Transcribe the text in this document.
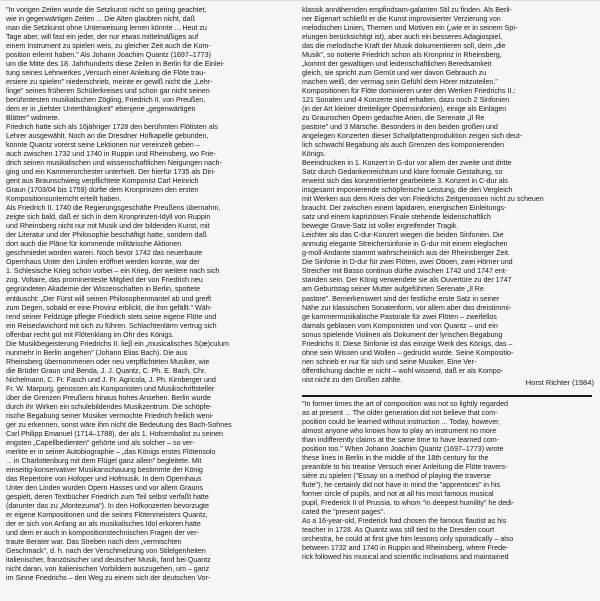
"In vorigen Zeiten wurde die Setzkunst nicht so gering geachtet,
wie in gegenwärtigen Zeiten ... Die Alten glaubten nicht, daß
man die Setzkunst ohne Unterweisung lernen könnte ... Heut zu
Tage aber, will fast ein jeder, der nur etwas mittelmäßiges auf
einem Instrument zu spielen weis, zu gleicher Zeit auch die Kom-
position erlernt haben." Als Johann Joachim Quantz (1697–1773)
um die Mitte des 18. Jahrhunderts diese Zeilen in Berlin für die Einlei-
tung seines Lehrwerkes „Versuch einer Anleitung die Flöte trau-
ersiere zu spielen" niederschrieb, meinte er gewiß nicht die „Lehr-
linge" seines früheren Schülerkreises und schon gar nicht seinen
berühmtesten musikalischen Zögling, Friedrich II. von Preußen,
dem er in „tiefster Unterthänigkeit" ebenjene „gegenwärtigen
Blätter" widmete.
Friedrich hatte sich als 16jähriger 1728 den berühmten Flötisten als
Lehrer ausgewählt. Noch an die Dresdner Hofkapelle gebunden,
konnte Quantz vorerst seine Lektionen nur vereinzelt geben –
auch zwischen 1732 und 1740 in Ruppin und Rheinsberg, wo Frie-
drich seinen musikalischen und wissenschaftlichen Neigungen nach-
ging und ein Kammerorchester unterhielt. Der hierfür 1735 als Diri-
gent aus Braunschweig verpflichtete Komponist Carl Heinrich
Graun (1703/04 bis 1759) dürfte dem Kronprinzen den ersten
Kompositionsunterricht erteilt haben.
Als Friedrich II. 1740 die Regierungsgeschäfte Preußens übernahm,
zeigte sich bald, daß er sich in dem Kronprinzen-Idyll von Ruppin
und Rheinsberg nicht nur mit Musik und der bildenden Kunst, mit
der Literatur und der Philosophie beschäftigt hatte, sondern daß
dort auch die Pläne für kommende militärische Aktionen
geschmiedet worden waren. Noch bevor 1742 das neuerbaute
Opernhaus Unter den Linden eröffnet werden konnte, war der
1. Schlesische Krieg schon vorbei – ein Krieg, der weitere nach sich
zog. Voltaire, das prominenteste Mitglied der von Friedrich neu
gegründeten Akademie der Wissenschaften in Berlin, spottete
entäuscht: „Der Fürst will seinen Philosophenmantel ab und greift
zum Degen, sobald er eine Provinz erblickt, die ihm gefällt." Wäh-
rend seiner Feldzüge pflegte Friedrich stets seine eigene Flöte und
ein Reiseclavichord mit sich zu führen. Schlachtenlärm vertrug sich
offenbar recht gut mit Flötenklang im Ohr des Königs.
Die Musikbegeisterung Friedrichs II. lieβ ein „musicalisches S(æ)culum
nunmehr in Berlin angehen" (Johann Elias Bach). Die aus
Rheinsberg übernommenen oder neu verpflichteten Musiker, wie
die Brüder Graun und Benda, J. J. Quantz, C. Ph. E. Bach, Chr.
Nichelmann, C. Fr. Fasch und J. Fr. Agricola, J. Ph. Kirnberger und
Fr. W. Marpurg, genossen als Komponisten und Musikschriftsteller
über die Grenzen Preußens hinaus hohes Ansehen. Berlin wurde
durch ihr Wirken ein schulebildendes Musikzentrum. Die schöpfe-
rische Begabung seiner Musiker vermochte Friedrich freilich weni-
ger zu erkennen, sonst wäre ihm nicht die Bedeutung des Bach-Sohnes
Carl Philipp Emanuel (1714–1788), der als 1. Hofcembalist zu seinen
engsten „Capellbedienten" gehörte und als solcher – so ver-
merkte er in seiner Autobiographie – „das Königs erstes Flötensolo
... in Charlottenburg mit dem Flügel ganz allein" begleitete. Mit
einseitig-konservativer Musikanschauung bestimmte der König
das Repertoire von Hofoper und Hofmusik. In dem Opernhaus
Unter den Linden wurden Opern Hasses und vor allem Grauns
gespielt, deren Textbücher Friedrich zum Teil selbst verfaßt hatte
(darunter das zu „Montezuma"). In den Hofkonzerten bevorzugte
er eigene Kompositionen und die seines Flötenmeisters Quantz,
der er sich von Anfang an als musikalisches Idol erkoren hatte
und dem er auch in kompositionstechnischen Fragen der ver-
traute Berater war. Das Streben nach dem „vermischten
Geschmack", d. h. nach der Verschmelzung von Stilelgenheiten
italienischer, französischer und deutscher Musik, fand bei Quantz
nicht daran, von italienischen Vorbildern auszugehen, um – ganz
im Sinne Friedrichs – den Weg zu einem sich der deutschen Vor-

klassik annähernden empfindsam-galanten Stil zu finden. Als Berli-
ner Eigenart schließt er die Kunst improvisierter Verzierung von
melodischen Linien, Themen und Motiven ein („wie er in seinem Spi-
elungen berücksichtigt ist), aber auch ein besseres Adagiospiel,
das die melodische Kraft der Musik dokumentieren soll, dem „die
Musik", so notierte Friedrich schon als Kronprinz in Rheinsberg,
„kommt der gewaltigen und leidenschaftlichen Beredsamkeit
gleich, sie spricht zum Gemüt und wer davon Gebrauch zu
machen weiß, der vermag sein Gefühl dem Hörer mitzuteilen."
Kompositionen für Flöte dominieren unter den Werken Friedrichs II.:
121 Sonaten und 4 Konzerte sind erhalten, dazu noch 2 Sinfonien
(in der Art kleiner dreiteiliger Opernsinfonien), einige als Einlagen
zu Graunschen Opern gedachte Arien, die Serenate „Il Re
pastore" und 3 Märsche. Besonders in den beiden großen und
angelegen Konzerten dieser Schallplattenproduktion zeigen sich deut-
lich schwachl Begabung als auch Grenzen des komponierenden
Königs.
Beeindrucken in 1. Konzert in G-dur vor allem der zweite und dritte
Satz durch Gedankenreichtum und klare formale Gestaltung, so
erweist sich das konzentrierter gearbeitete 3. Konzert in C-dur als
insgesamt imponierende schöpferische Leistung, die den Vergleich
mit Werken aus dem Kreis der von Friedrichs Zeitgenossen nicht zu scheuen
braucht. Der zwischen einem lapidaren, energischen Einleitungs-
satz und einem kapriziösen Finale stehende leidenschaftlich
bewegte Grave-Satz ist voller ergreifender Tragik.
Leichter als das C-dur-Konzert wiegen die beiden Sinfonien. Die
anmutig elegante Streichersinfonie in G-dur mit einem eleglschen
g-moll-Andante stammt wahrscheinlich aus der Rheinsberger Zeit.
Die Sinfonie in D-dur für zwei Flöten, zwei Oboen, zwei Hörner und
Streicher mit Basso continuo dürfte zwischen 1742 und 1747 ent-
standen sein. Der König verwendete sie als Ouvertüre zu der 1747
am Geburtstag seiner Mutter aufgeführten Serenate „Il Re
pastore". Bemerkenswert sind der festliche erste Satz in seiner
Nähe zur klassischen Sonatenform, vor allem aber das dreistimmi-
ge kammermusikalische Pastorale für zwei Flöten – zweifellos
damals geblasen vom Komponisten und von Quantz – und ein
sonus spielende Violinen als Dokument der lyrischen Begabung
Friedrichs II. Diese Sinfonie ist das einzige Werk des Königs, das –
ohne sein Wissen und Wollen – gedruckt wurde. Seine Kompositio-
nen schrieb er nur für sich und seine Musiker. Eine Ver-
öffentlichung dachte er nicht – wohl wissend, daß er als Kompo-
nist nicht zu den Großen zählte.	Horst Richter (1984)

"In former times the art of composition was not so lightly regarded
as at present ... The older generation did not believe that com-
position could be learned without instruction ... Today, however,
almost anyone who knows how to play an instrument no more
than indifferently claims at the same time to have learned com-
position too." When Johann Joachim Quantz (1697–1773) wrote
these lines in Berlin in the middle of the 18th century for the
preamble to his treatise Versuch einer Anleitung die Flöte travers-
sière zu spielen ("Essay on a method of playing the traverse
flute"), he certainly did not have in mind the "apprentices" in his
former circle of pupils, and not at all his most famous musical
pupil, Frederick II of Prussia, to whom "in deepest humility" he dedi-
cated the "present pages".
As a 16-year-old, Frederick had chosen the famous flautist as his
teacher in 1728. As Quantz was still tied to the Dresden court
orchestra, he could at first give him lessons only sporadically – also
between 1732 and 1740 in Ruppin and Rheinsberg, where Frede-
rick followed his musical and scientific inclinations and maintained
